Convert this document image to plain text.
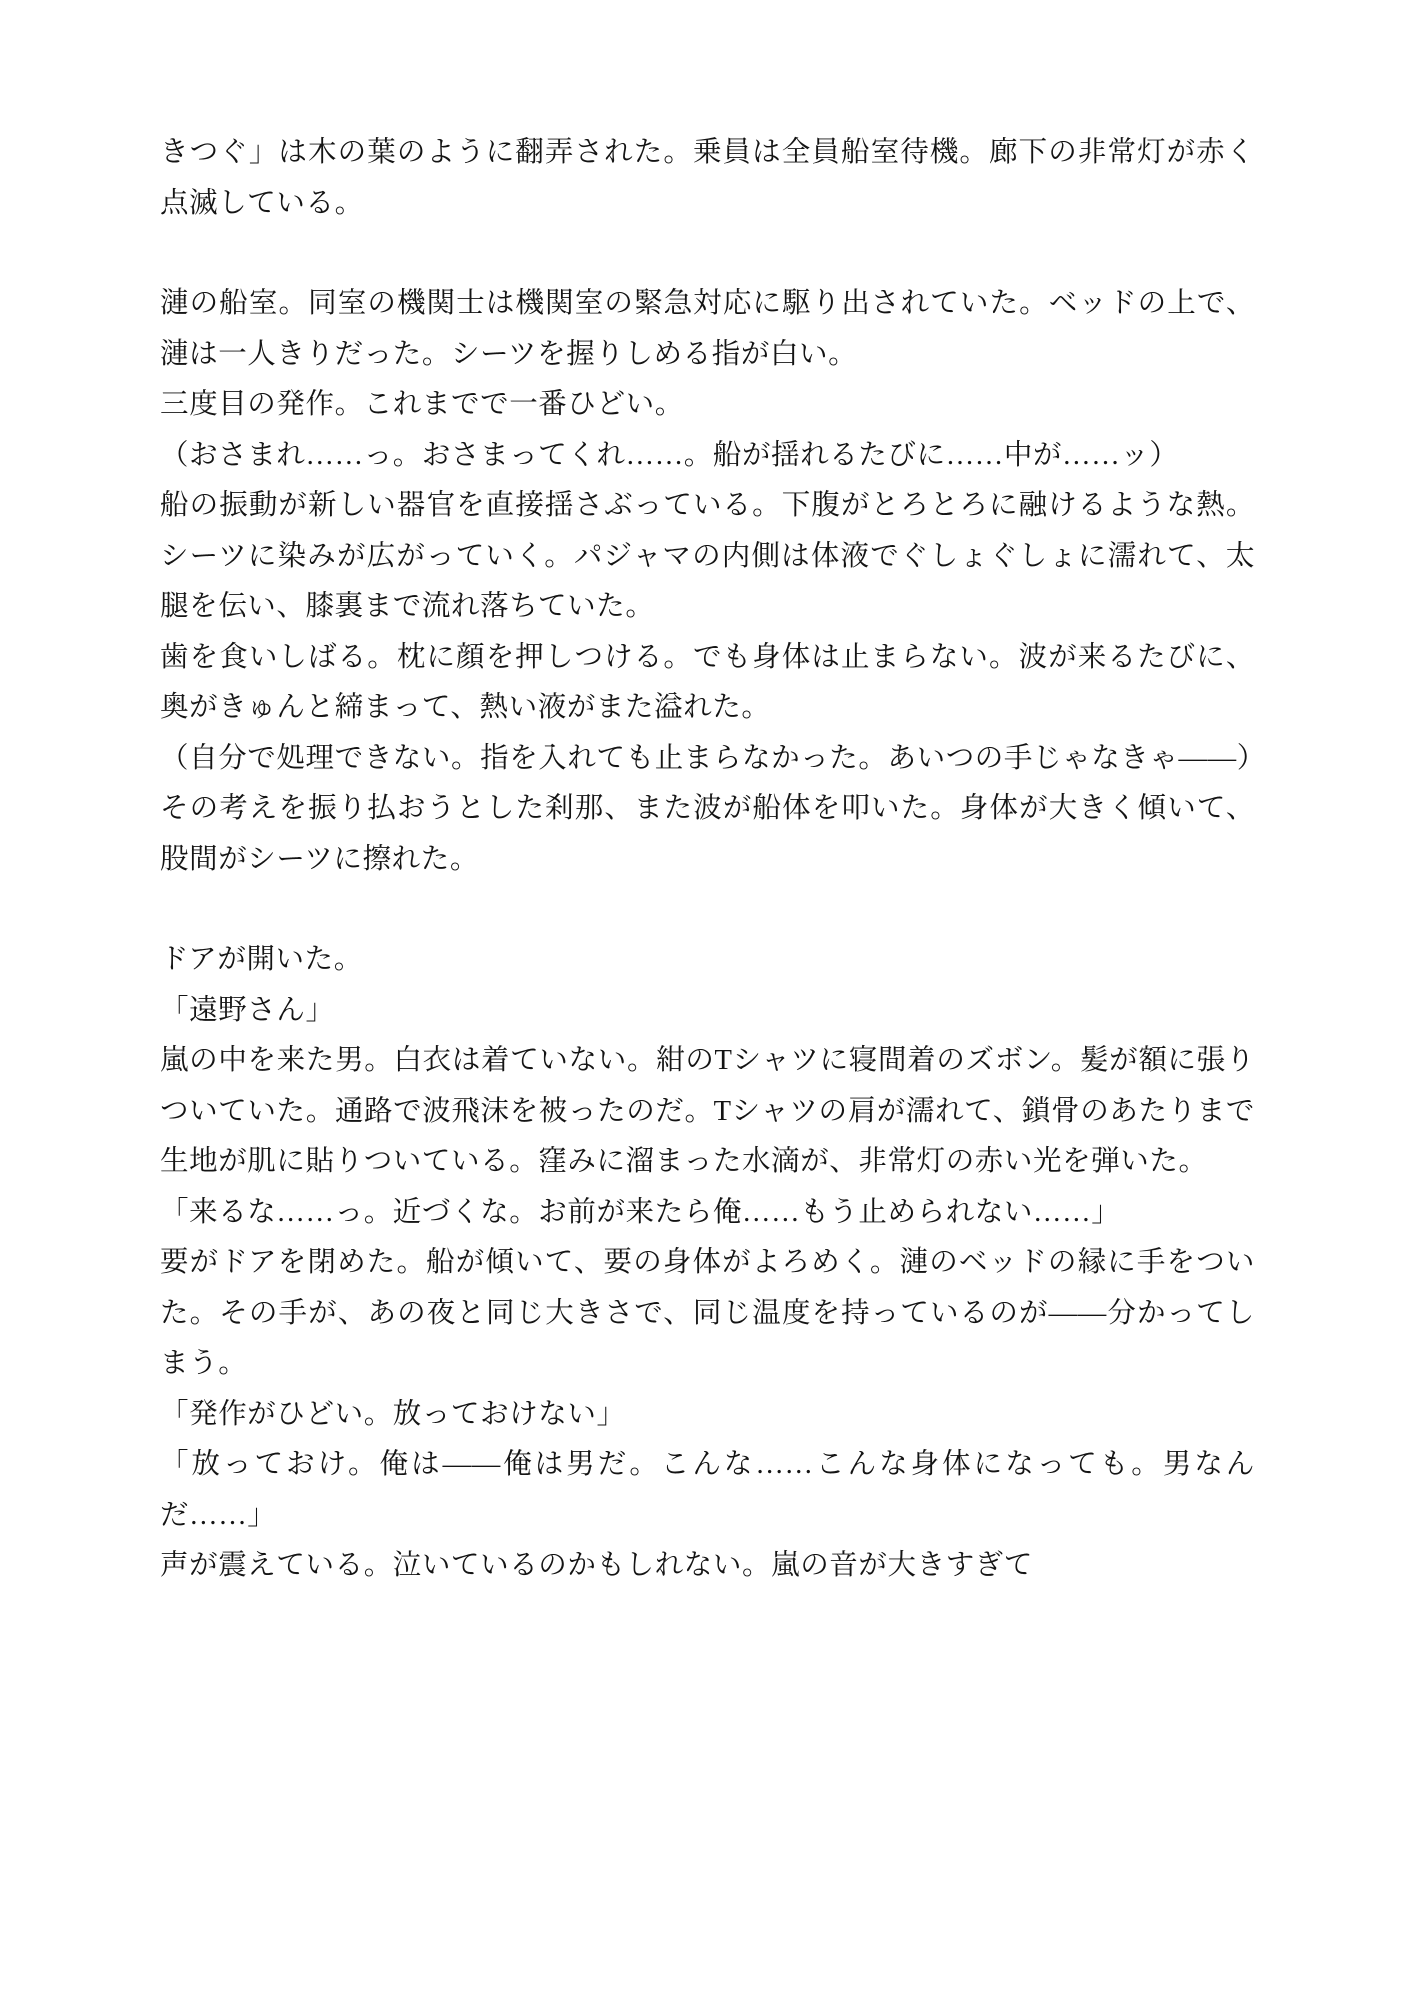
きつぐ」は木の葉のように翻弄された。乗員は全員船室待機。廊下の非常灯が赤く点滅している。

漣の船室。同室の機関士は機関室の緊急対応に駆り出されていた。ベッドの上で、漣は一人きりだった。シーツを握りしめる指が白い。

三度目の発作。これまでで一番ひどい。

（おさまれ……っ。おさまってくれ……。船が揺れるたびに……中が……ッ）

船の振動が新しい器官を直接揺さぶっている。下腹がとろとろに融けるような熱。シーツに染みが広がっていく。パジャマの内側は体液でぐしょぐしょに濡れて、太腿を伝い、膝裏まで流れ落ちていた。

歯を食いしばる。枕に顔を押しつける。でも身体は止まらない。波が来るたびに、奥がきゅんと締まって、熱い液がまた溢れた。

（自分で処理できない。指を入れても止まらなかった。あいつの手じゃなきゃ――）

その考えを振り払おうとした刹那、また波が船体を叩いた。身体が大きく傾いて、股間がシーツに擦れた。

ドアが開いた。

「遠野さん」

嵐の中を来た男。白衣は着ていない。紺のTシャツに寝間着のズボン。髪が額に張りついていた。通路で波飛沫を被ったのだ。Tシャツの肩が濡れて、鎖骨のあたりまで生地が肌に貼りついている。窪みに溜まった水滴が、非常灯の赤い光を弾いた。

「来るな……っ。近づくな。お前が来たら俺……もう止められない……」

要がドアを閉めた。船が傾いて、要の身体がよろめく。漣のベッドの縁に手をついた。その手が、あの夜と同じ大きさで、同じ温度を持っているのが――分かってしまう。

「発作がひどい。放っておけない」

「放っておけ。俺は――俺は男だ。こんな……こんな身体になっても。男なんだ……」

声が震えている。泣いているのかもしれない。嵐の音が大きすぎて
